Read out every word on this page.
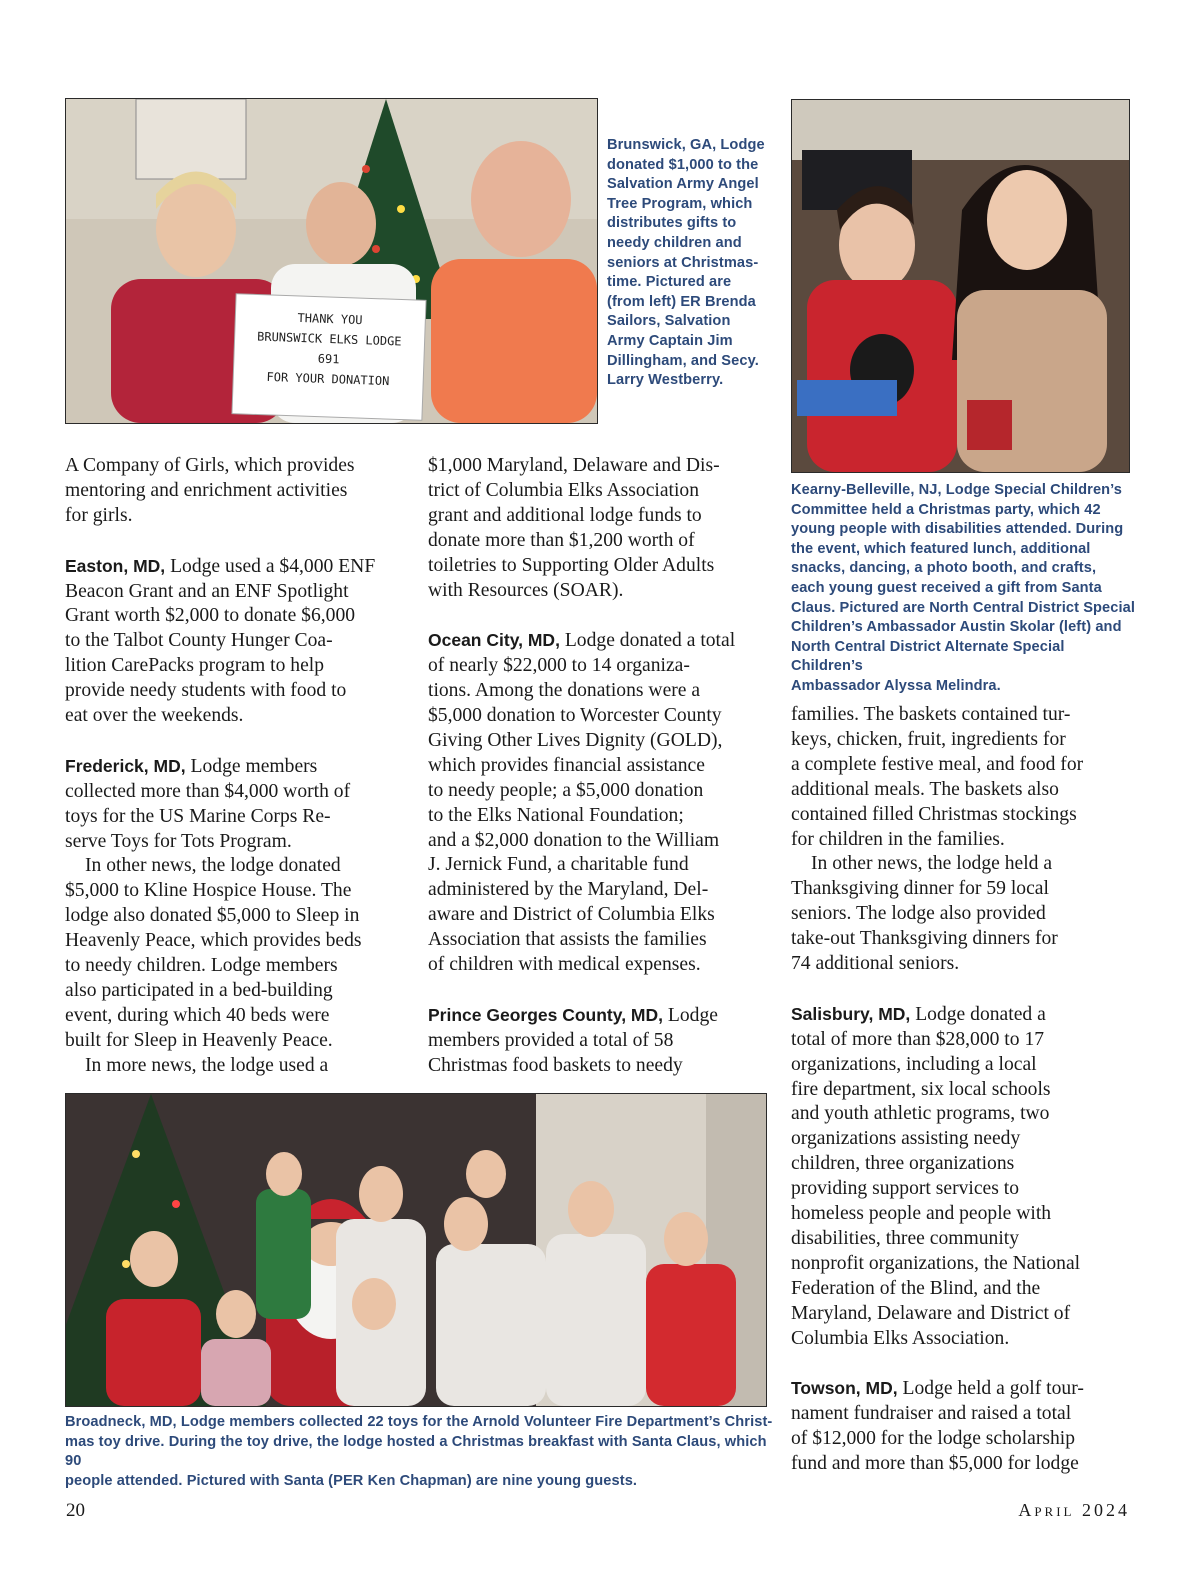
THANK YOU
BRUNSWICK ELKS LODGE
691
FOR YOUR DONATION

Brunswick, GA, Lodge
donated $1,000 to the
Salvation Army Angel
Tree Program, which
distributes gifts to
needy children and
seniors at Christmas-
time. Pictured are
(from left) ER Brenda
Sailors, Salvation
Army Captain Jim
Dillingham, and Secy.
Larry Westberry.

Kearny-Belleville, NJ, Lodge Special Children’s
Committee held a Christmas party, which 42
young people with disabilities attended. During
the event, which featured lunch, additional
snacks, dancing, a photo booth, and crafts,
each young guest received a gift from Santa
Claus. Pictured are North Central District Special
Children’s Ambassador Austin Skolar (left) and
North Central District Alternate Special Children’s
Ambassador Alyssa Melindra.

A Company of Girls, which provides
mentoring and enrichment activities
for girls.

Easton, MD, Lodge used a $4,000 ENF
Beacon Grant and an ENF Spotlight
Grant worth $2,000 to donate $6,000
to the Talbot County Hunger Coa-
lition CarePacks program to help
provide needy students with food to
eat over the weekends.

Frederick, MD, Lodge members
collected more than $4,000 worth of
toys for the US Marine Corps Re-
serve Toys for Tots Program.

In other news, the lodge donated
$5,000 to Kline Hospice House. The
lodge also donated $5,000 to Sleep in
Heavenly Peace, which provides beds
to needy children. Lodge members
also participated in a bed-building
event, during which 40 beds were
built for Sleep in Heavenly Peace.

In more news, the lodge used a

$1,000 Maryland, Delaware and Dis-
trict of Columbia Elks Association
grant and additional lodge funds to
donate more than $1,200 worth of
toiletries to Supporting Older Adults
with Resources (SOAR).

Ocean City, MD, Lodge donated a total
of nearly $22,000 to 14 organiza-
tions. Among the donations were a
$5,000 donation to Worcester County
Giving Other Lives Dignity (GOLD),
which provides financial assistance
to needy people; a $5,000 donation
to the Elks National Foundation;
and a $2,000 donation to the William
J. Jernick Fund, a charitable fund
administered by the Maryland, Del-
aware and District of Columbia Elks
Association that assists the families
of children with medical expenses.

Prince Georges County, MD, Lodge
members provided a total of 58
Christmas food baskets to needy

families. The baskets contained tur-
keys, chicken, fruit, ingredients for
a complete festive meal, and food for
additional meals. The baskets also
contained filled Christmas stockings
for children in the families.

In other news, the lodge held a
Thanksgiving dinner for 59 local
seniors. The lodge also provided
take-out Thanksgiving dinners for
74 additional seniors.

Salisbury, MD, Lodge donated a
total of more than $28,000 to 17
organizations, including a local
fire department, six local schools
and youth athletic programs, two
organizations assisting needy
children, three organizations
providing support services to
homeless people and people with
disabilities, three community
nonprofit organizations, the National
Federation of the Blind, and the
Maryland, Delaware and District of
Columbia Elks Association.

Towson, MD, Lodge held a golf tour-
nament fundraiser and raised a total
of $12,000 for the lodge scholarship
fund and more than $5,000 for lodge

Broadneck, MD, Lodge members collected 22 toys for the Arnold Volunteer Fire Department’s Christ-
mas toy drive. During the toy drive, the lodge hosted a Christmas breakfast with Santa Claus, which 90
people attended. Pictured with Santa (PER Ken Chapman) are nine young guests.

20	April 2024
